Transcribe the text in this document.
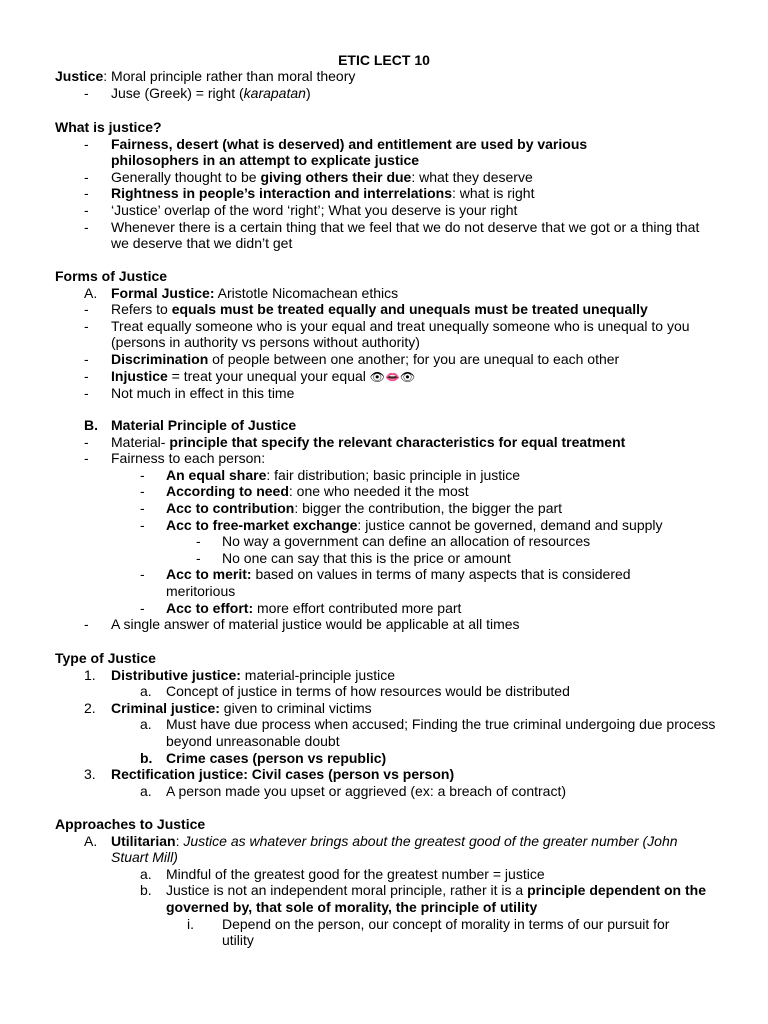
ETIC LECT 10
Justice: Moral principle rather than moral theory
- Juse (Greek) = right (karapatan)
What is justice?
- Fairness, desert (what is deserved) and entitlement are used by various philosophers in an attempt to explicate justice
- Generally thought to be giving others their due: what they deserve
- Rightness in people’s interaction and interrelations: what is right
- ‘Justice’ overlap of the word ‘right’; What you deserve is your right
- Whenever there is a certain thing that we feel that we do not deserve that we got or a thing that we deserve that we didn’t get
Forms of Justice
A. Formal Justice: Aristotle Nicomachean ethics
- Refers to equals must be treated equally and unequals must be treated unequally
- Treat equally someone who is your equal and treat unequally someone who is unequal to you (persons in authority vs persons without authority)
- Discrimination of people between one another; for you are unequal to each other
- Injustice = treat your unequal your equal 👁👄👁
- Not much in effect in this time
B. Material Principle of Justice
- Material- principle that specify the relevant characteristics for equal treatment
- Fairness to each person:
- An equal share: fair distribution; basic principle in justice
- According to need: one who needed it the most
- Acc to contribution: bigger the contribution, the bigger the part
- Acc to free-market exchange: justice cannot be governed, demand and supply
- No way a government can define an allocation of resources
- No one can say that this is the price or amount
- Acc to merit: based on values in terms of many aspects that is considered meritorious
- Acc to effort: more effort contributed more part
- A single answer of material justice would be applicable at all times
Type of Justice
1. Distributive justice: material-principle justice
a. Concept of justice in terms of how resources would be distributed
2. Criminal justice: given to criminal victims
a. Must have due process when accused; Finding the true criminal undergoing due process beyond unreasonable doubt
b. Crime cases (person vs republic)
3. Rectification justice: Civil cases (person vs person)
a. A person made you upset or aggrieved (ex: a breach of contract)
Approaches to Justice
A. Utilitarian: Justice as whatever brings about the greatest good of the greater number (John Stuart Mill)
a. Mindful of the greatest good for the greatest number = justice
b. Justice is not an independent moral principle, rather it is a principle dependent on the governed by, that sole of morality, the principle of utility
i. Depend on the person, our concept of morality in terms of our pursuit for utility
